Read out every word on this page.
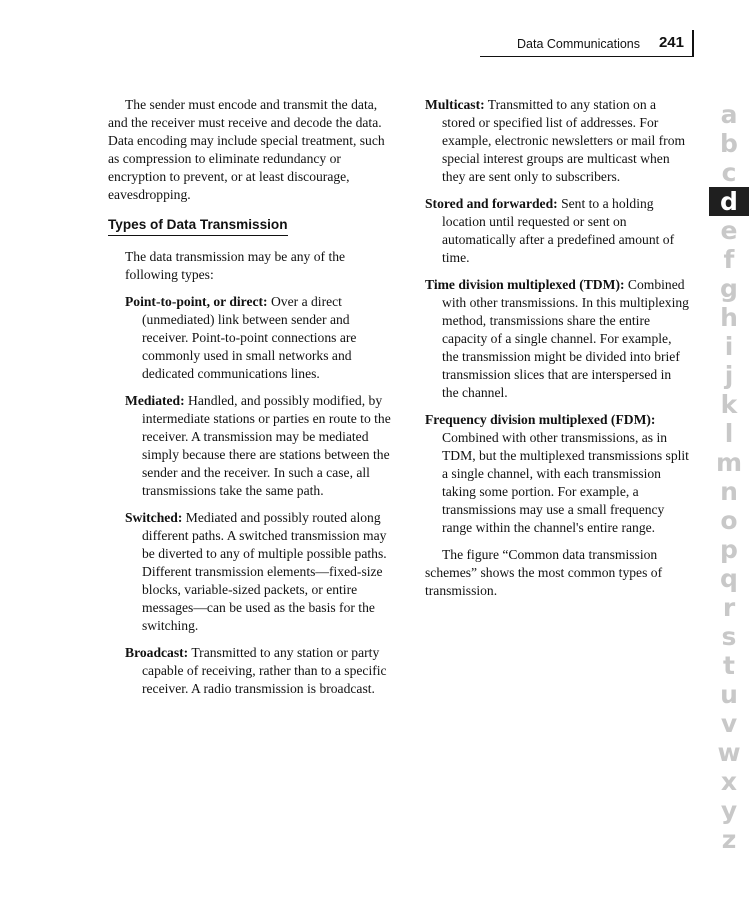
Data Communications 241

The sender must encode and transmit the data, and the receiver must receive and decode the data. Data encoding may include special treatment, such as compression to eliminate redundancy or encryption to prevent, or at least discourage, eavesdropping.

Types of Data Transmission

The data transmission may be any of the following types:

Point-to-point, or direct: Over a direct (unmediated) link between sender and receiver. Point-to-point connections are commonly used in small networks and dedicated communications lines.

Mediated: Handled, and possibly modified, by intermediate stations or parties en route to the receiver. A transmission may be mediated simply because there are stations between the sender and the receiver. In such a case, all transmissions take the same path.

Switched: Mediated and possibly routed along different paths. A switched transmission may be diverted to any of multiple possible paths. Different transmission elements—fixed-size blocks, variable-sized packets, or entire messages—can be used as the basis for the switching.

Broadcast: Transmitted to any station or party capable of receiving, rather than to a specific receiver. A radio transmission is broadcast.

Multicast: Transmitted to any station on a stored or specified list of addresses. For example, electronic newsletters or mail from special interest groups are multicast when they are sent only to subscribers.

Stored and forwarded: Sent to a holding location until requested or sent on automatically after a predefined amount of time.

Time division multiplexed (TDM): Combined with other transmissions. In this multiplexing method, transmissions share the entire capacity of a single channel. For example, the transmission might be divided into brief transmission slices that are interspersed in the channel.

Frequency division multiplexed (FDM): Combined with other transmissions, as in TDM, but the multiplexed transmissions split a single channel, with each transmission taking some portion. For example, a transmissions may use a small frequency range within the channel's entire range.

The figure “Common data transmission schemes” shows the most common types of transmission.

a
b
c
d
e
f
g
h
i
j
k
l
m
n
o
p
q
r
s
t
u
v
w
x
y
z
